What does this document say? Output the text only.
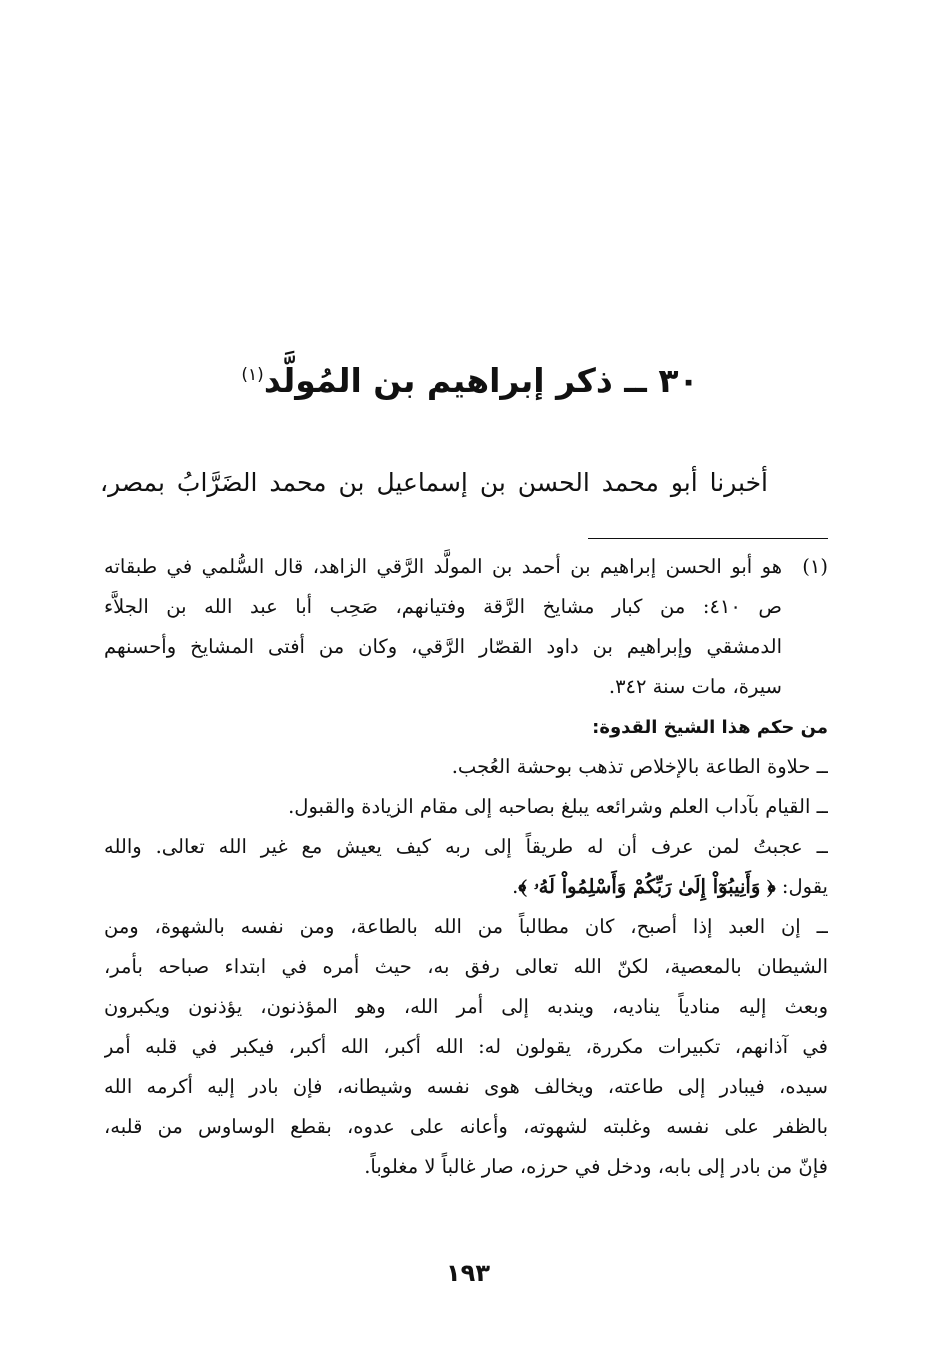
٣٠ ــ ذكر إبراهيم بن المُولَّد$^{(١)}$
أخبرنا أبو محمد الحسن بن إسماعيل بن محمد الضَرَّابُ بمصر،
(١)
هو أبو الحسن إبراهيم بن أحمد بن المولَّد الرَّقي الزاهد، قال السُّلمي في طبقاته
ص ٤١٠: من كبار مشايخ الرَّقة وفتيانهم، صَحِب أبا عبد الله بن الجلاَّء
الدمشقي وإبراهيم بن داود القصّار الرَّقي، وكان من أفتى المشايخ وأحسنهم
سيرة، مات سنة ٣٤٢.
من حكم هذا الشيخ القدوة:
ــ حلاوة الطاعة بالإخلاص تذهب بوحشة العُجب.
ــ القيام بآداب العلم وشرائعه يبلغ بصاحبه إلى مقام الزيادة والقبول.
ــ عجبتُ لمن عرف أن له طريقاً إلى ربه كيف يعيش مع غير الله تعالى. والله
يقول: ﴿ وَأَنِيبُوٓاْ إِلَىٰ رَبِّكُمْ وَأَسْلِمُواْ لَهُۥ ﴾.
ــ إن العبد إذا أصبح، كان مطالباً من الله بالطاعة، ومن نفسه بالشهوة، ومن
الشيطان بالمعصية، لكنّ الله تعالى رفق به، حيث أمره في ابتداء صباحه بأمر،
وبعث إليه منادياً يناديه، ويندبه إلى أمر الله، وهو المؤذنون، يؤذنون ويكبرون
في آذانهم، تكبيرات مكررة، يقولون له: الله أكبر، الله أكبر، فيكبر في قلبه أمر
سيده، فيبادر إلى طاعته، ويخالف هوى نفسه وشيطانه، فإن بادر إليه أكرمه الله
بالظفر على نفسه وغلبته لشهوته، وأعانه على عدوه، بقطع الوساوس من قلبه،
فإنّ من بادر إلى بابه، ودخل في حرزه، صار غالباً لا مغلوباً.
١٩٣
